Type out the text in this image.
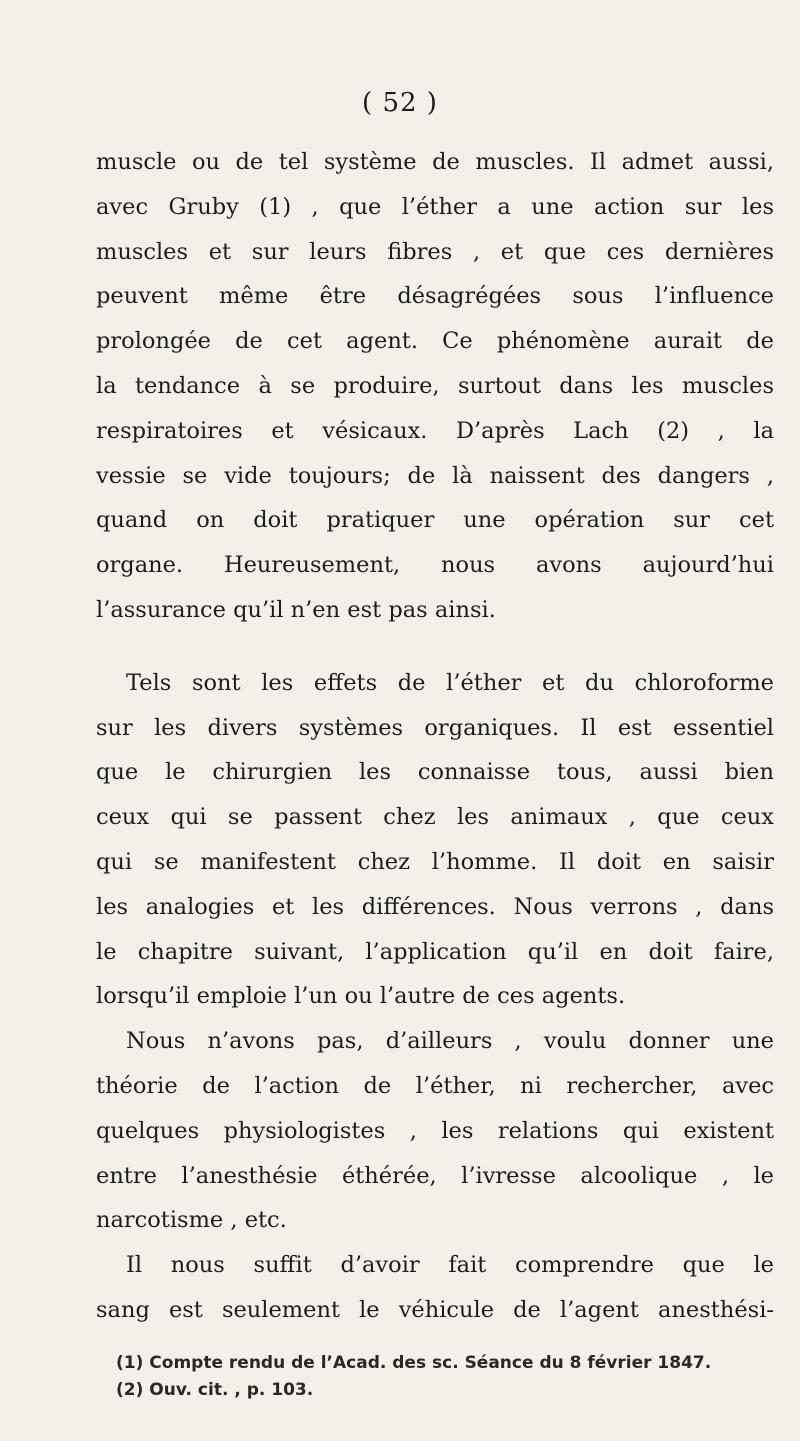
( 52 )
muscle ou de tel système de muscles. Il admet aussi,
avec Gruby (1) , que l’éther a une action sur les
muscles et sur leurs fibres , et que ces dernières
peuvent même être désagrégées sous l’influence
prolongée de cet agent. Ce phénomène aurait de
la tendance à se produire, surtout dans les muscles
respiratoires et vésicaux. D’après Lach (2) , la
vessie se vide toujours; de là naissent des dangers ,
quand on doit pratiquer une opération sur cet
organe. Heureusement, nous avons aujourd’hui
l’assurance qu’il n’en est pas ainsi.
Tels sont les effets de l’éther et du chloroforme
sur les divers systèmes organiques. Il est essentiel
que le chirurgien les connaisse tous, aussi bien
ceux qui se passent chez les animaux , que ceux
qui se manifestent chez l’homme. Il doit en saisir
les analogies et les différences. Nous verrons , dans
le chapitre suivant, l’application qu’il en doit faire,
lorsqu’il emploie l’un ou l’autre de ces agents.
Nous n’avons pas, d’ailleurs , voulu donner une
théorie de l’action de l’éther, ni rechercher, avec
quelques physiologistes , les relations qui existent
entre l’anesthésie éthérée, l’ivresse alcoolique , le
narcotisme , etc.
Il nous suffit d’avoir fait comprendre que le
sang est seulement le véhicule de l’agent anesthési-
(1) Compte rendu de l’Acad. des sc. Séance du 8 février 1847.
(2) Ouv. cit. , p. 103.
